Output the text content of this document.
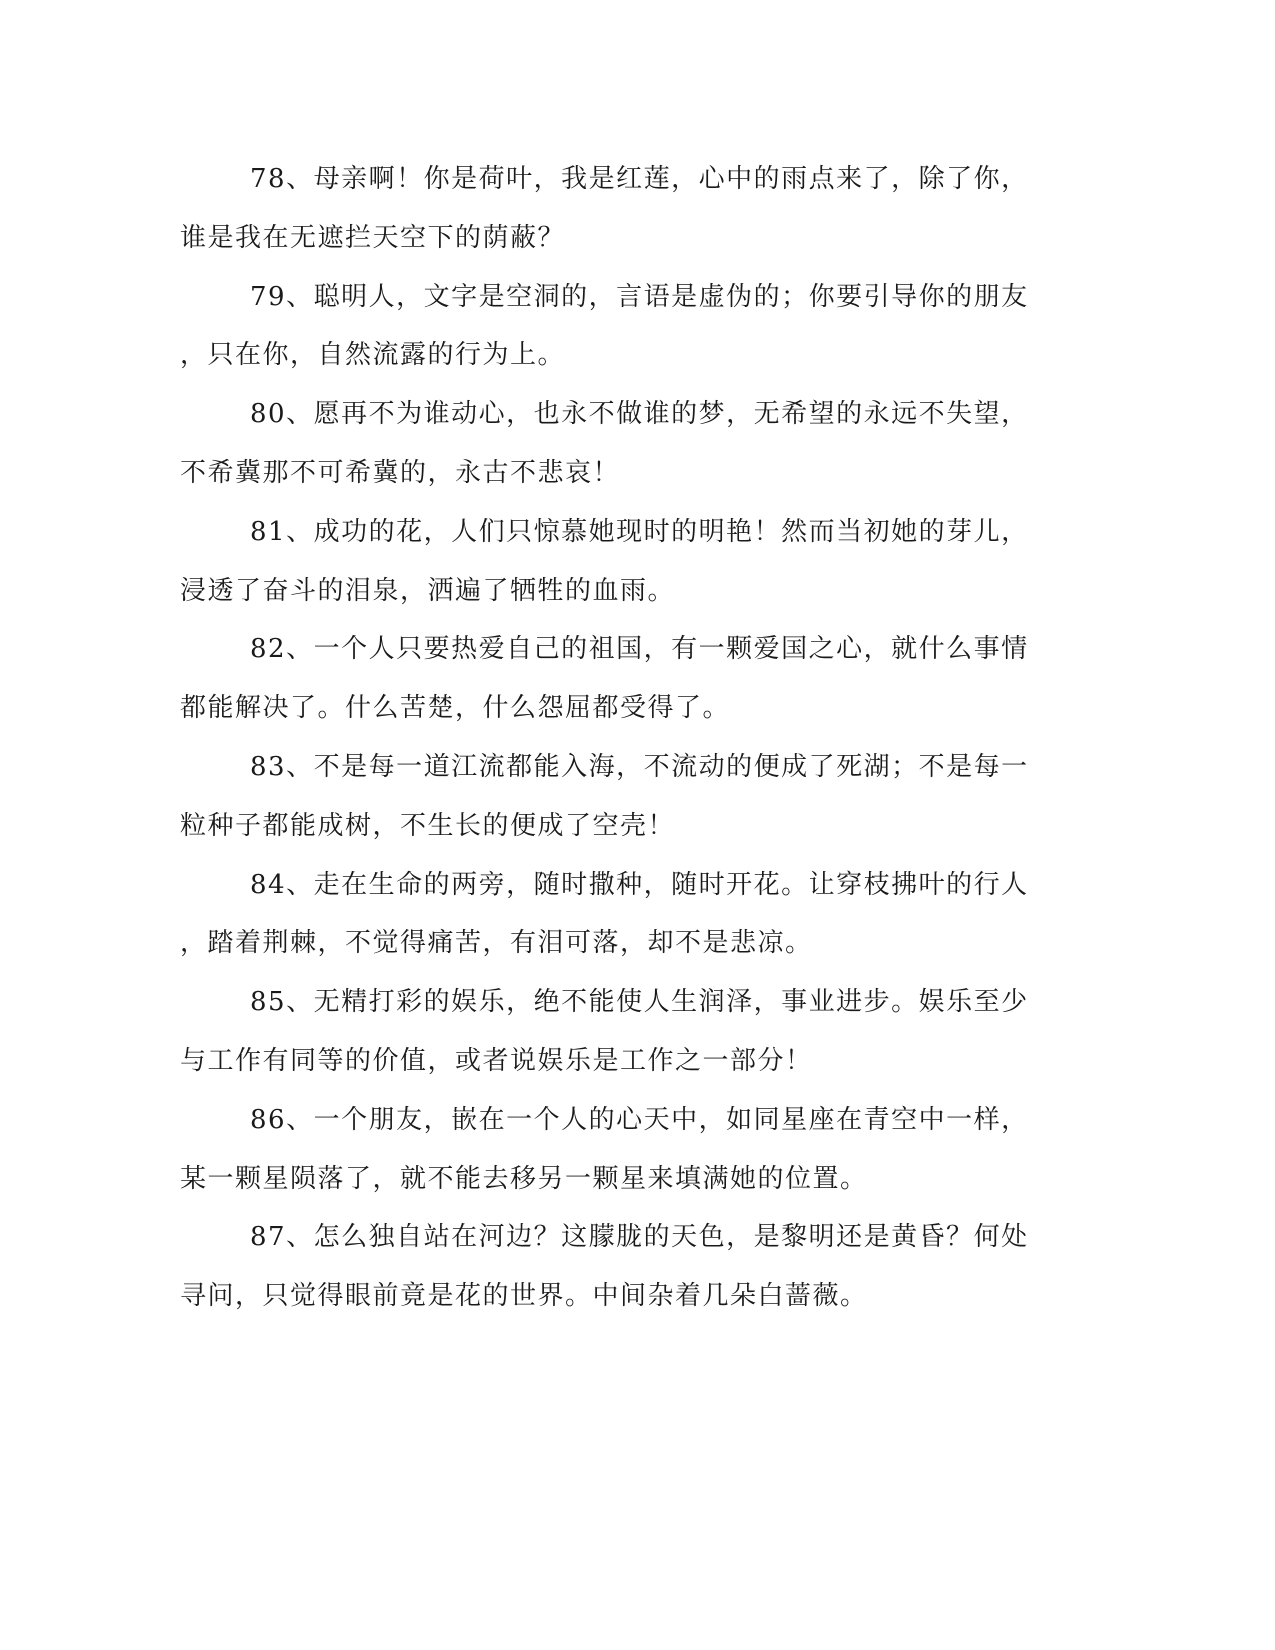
78、母亲啊！你是荷叶，我是红莲，心中的雨点来了，除了你，
谁是我在无遮拦天空下的荫蔽？

79、聪明人，文字是空洞的，言语是虚伪的；你要引导你的朋友
，只在你，自然流露的行为上。

80、愿再不为谁动心，也永不做谁的梦，无希望的永远不失望，
不希冀那不可希冀的，永古不悲哀！

81、成功的花，人们只惊慕她现时的明艳！然而当初她的芽儿，
浸透了奋斗的泪泉，洒遍了牺牲的血雨。

82、一个人只要热爱自己的祖国，有一颗爱国之心，就什么事情
都能解决了。什么苦楚，什么怨屈都受得了。

83、不是每一道江流都能入海，不流动的便成了死湖；不是每一
粒种子都能成树，不生长的便成了空壳！

84、走在生命的两旁，随时撒种，随时开花。让穿枝拂叶的行人
，踏着荆棘，不觉得痛苦，有泪可落，却不是悲凉。

85、无精打彩的娱乐，绝不能使人生润泽，事业进步。娱乐至少
与工作有同等的价值，或者说娱乐是工作之一部分！

86、一个朋友，嵌在一个人的心天中，如同星座在青空中一样，
某一颗星陨落了，就不能去移另一颗星来填满她的位置。

87、怎么独自站在河边？这朦胧的天色，是黎明还是黄昏？何处
寻问，只觉得眼前竟是花的世界。中间杂着几朵白蔷薇。
